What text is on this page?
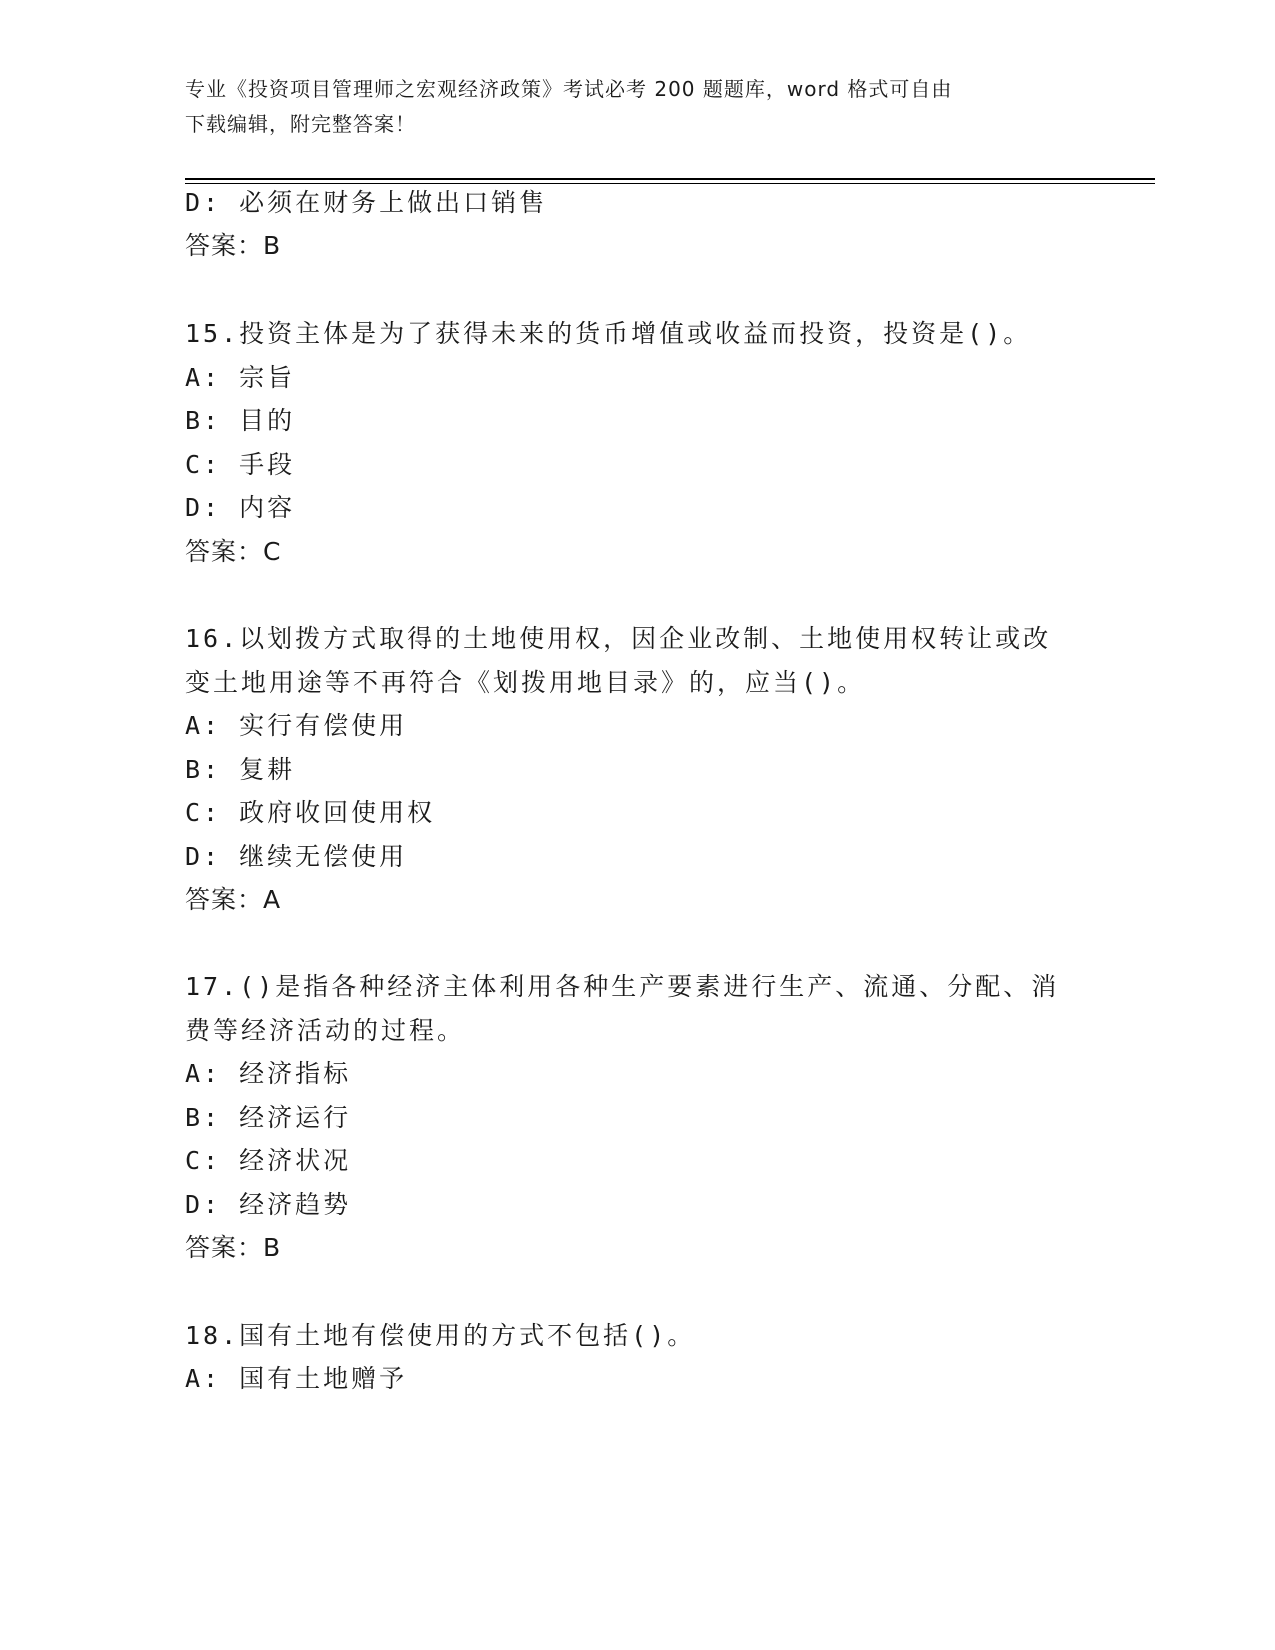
专业《投资项目管理师之宏观经济政策》考试必考 200 题题库，word 格式可自由
下载编辑，附完整答案！
D: 必须在财务上做出口销售
答案：B
15.投资主体是为了获得未来的货币增值或收益而投资，投资是()。
A: 宗旨
B: 目的
C: 手段
D: 内容
答案：C
16.以划拨方式取得的土地使用权，因企业改制、土地使用权转让或改
变土地用途等不再符合《划拨用地目录》的，应当()。
A: 实行有偿使用
B: 复耕
C: 政府收回使用权
D: 继续无偿使用
答案：A
17.()是指各种经济主体利用各种生产要素进行生产、流通、分配、消
费等经济活动的过程。
A: 经济指标
B: 经济运行
C: 经济状况
D: 经济趋势
答案：B
18.国有土地有偿使用的方式不包括()。
A: 国有土地赠予
